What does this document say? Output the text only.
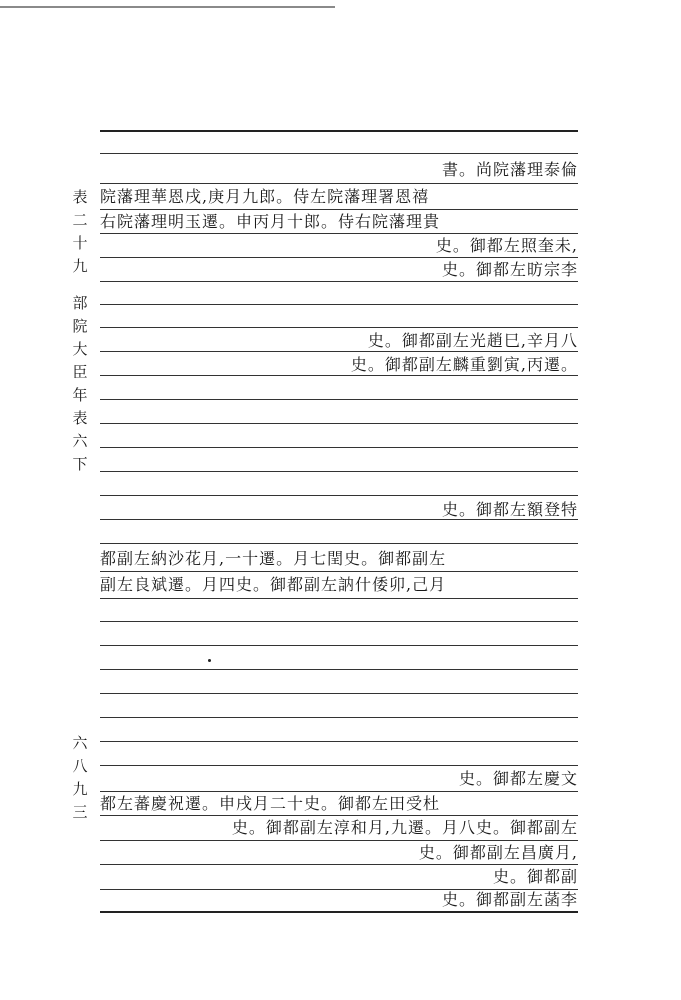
表
二
十
九
部
院
大
臣
年
表
六
下
六
八
九
三
書。尚院藩理泰倫
院藩理華恩戌,庚月九郎。侍左院藩理署恩禧
右院藩理明玉遷。申丙月十郎。侍右院藩理貴
史。御都左照奎未,
史。御都左昉宗李
史。御都副左光趙巳,辛月八
史。御都副左麟重劉寅,丙遷。
史。御都左額登特
都副左納沙花月,一十遷。月七閏史。御都副左
副左良斌遷。月四史。御都副左訥什倭卯,己月
史。御都左慶文
都左蕃慶祝遷。申戌月二十史。御都左田受杜
史。御都副左淳和月,九遷。月八史。御都副左
史。御都副左昌廣月,
史。御都副
史。御都副左菡李
